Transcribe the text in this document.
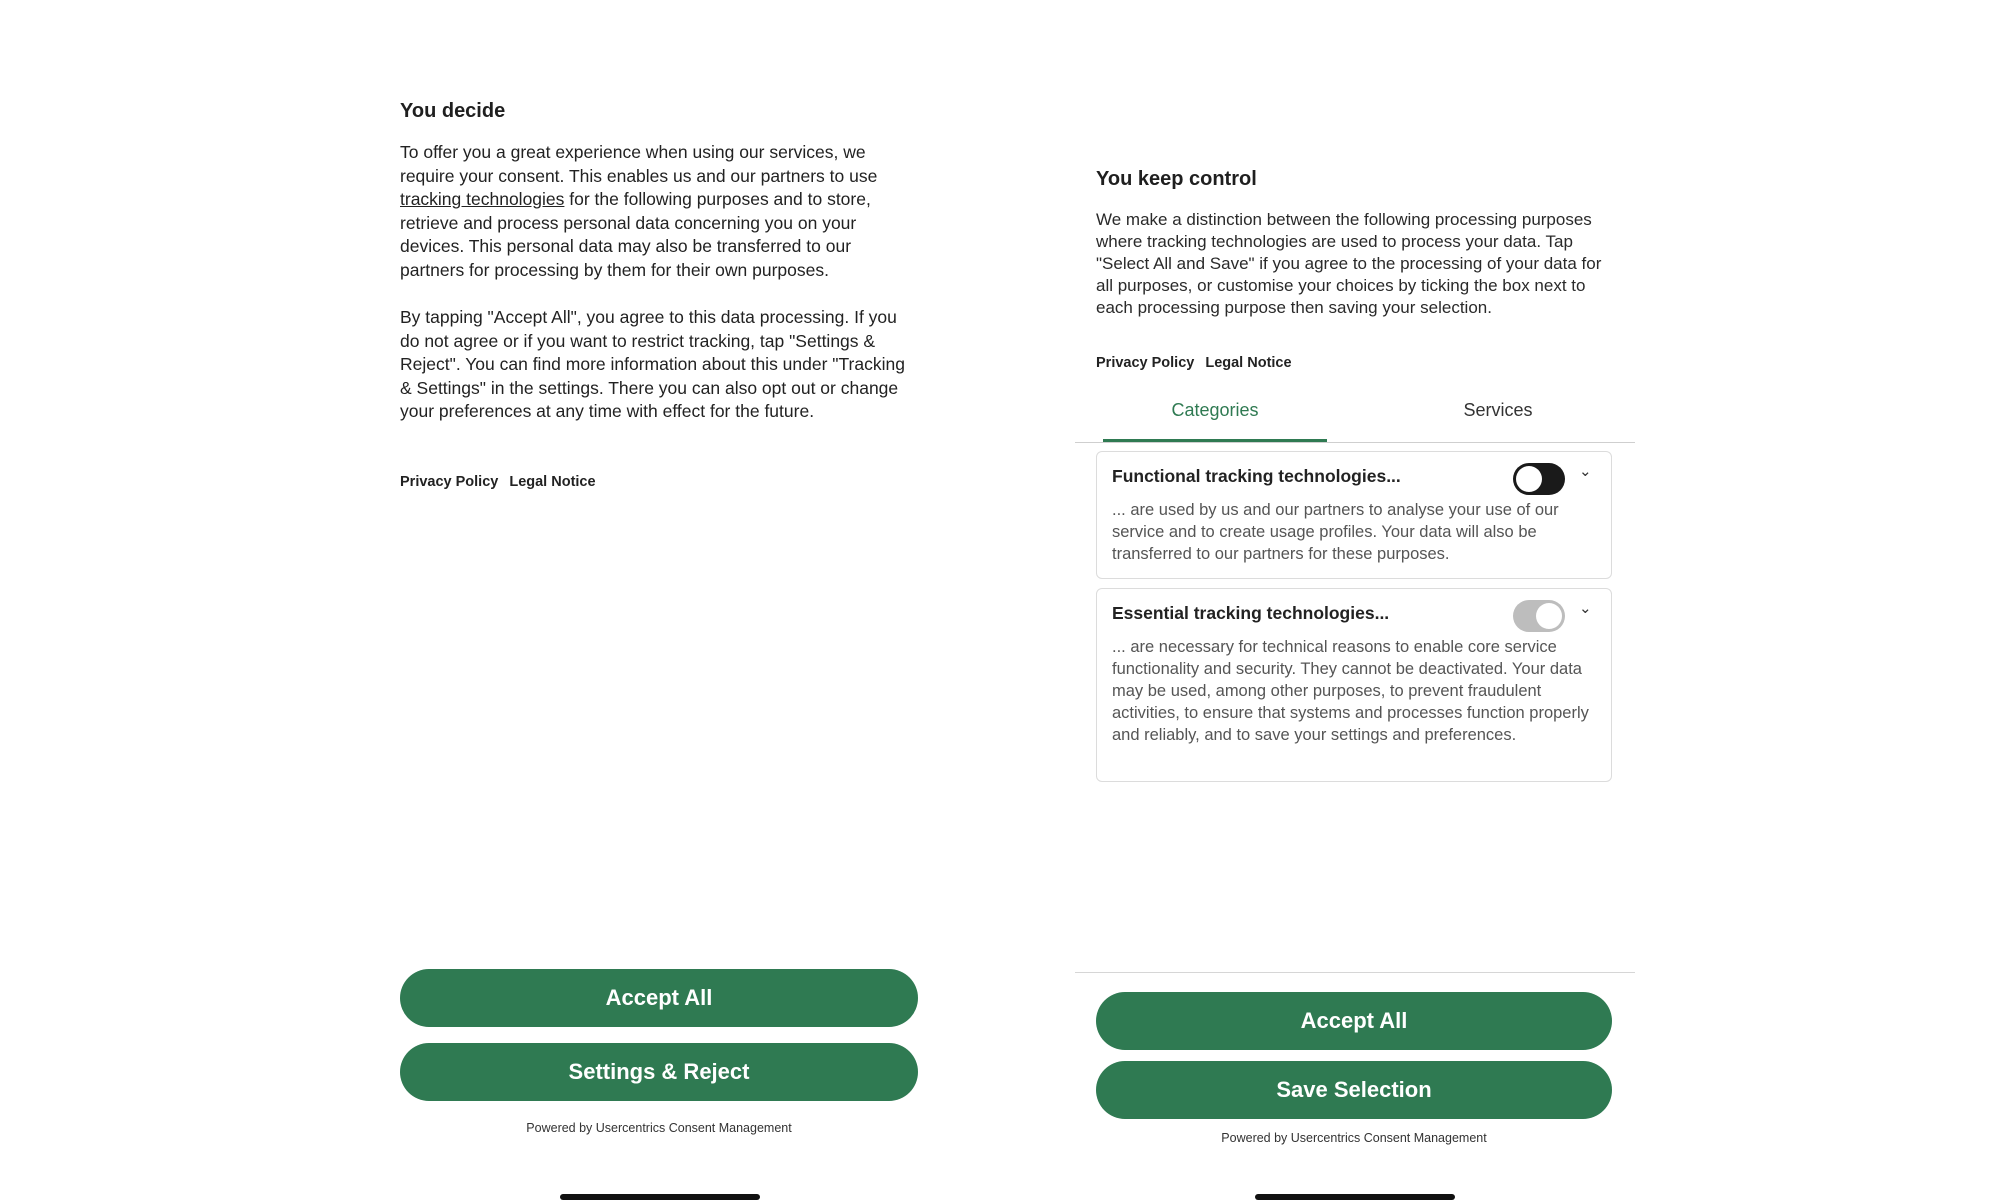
You decide

To offer you a great experience when using our services, we require your consent. This enables us and our partners to use tracking technologies for the following purposes and to store, retrieve and process personal data concerning you on your devices. This personal data may also be transferred to our partners for processing by them for their own purposes.

By tapping "Accept All", you agree to this data processing. If you do not agree or if you want to restrict tracking, tap "Settings & Reject". You can find more information about this under "Tracking & Settings" in the settings. There you can also opt out or change your preferences at any time with effect for the future.

Privacy Policy Legal Notice
Accept All
Settings & Reject
Powered by Usercentrics Consent Management
You keep control

We make a distinction between the following processing purposes where tracking technologies are used to process your data. Tap "Select All and Save" if you agree to the processing of your data for all purposes, or customise your choices by ticking the box next to each processing purpose then saving your selection.

Privacy Policy Legal Notice
Categories	Services
Functional tracking technologies...	⌄

... are used by us and our partners to analyse your use of our service and to create usage profiles. Your data will also be transferred to our partners for these purposes.

Essential tracking technologies...	⌄

... are necessary for technical reasons to enable core service functionality and security. They cannot be deactivated. Your data may be used, among other purposes, to prevent fraudulent activities, to ensure that systems and processes function properly and reliably, and to save your settings and preferences.

Accept All
Save Selection
Powered by Usercentrics Consent Management
